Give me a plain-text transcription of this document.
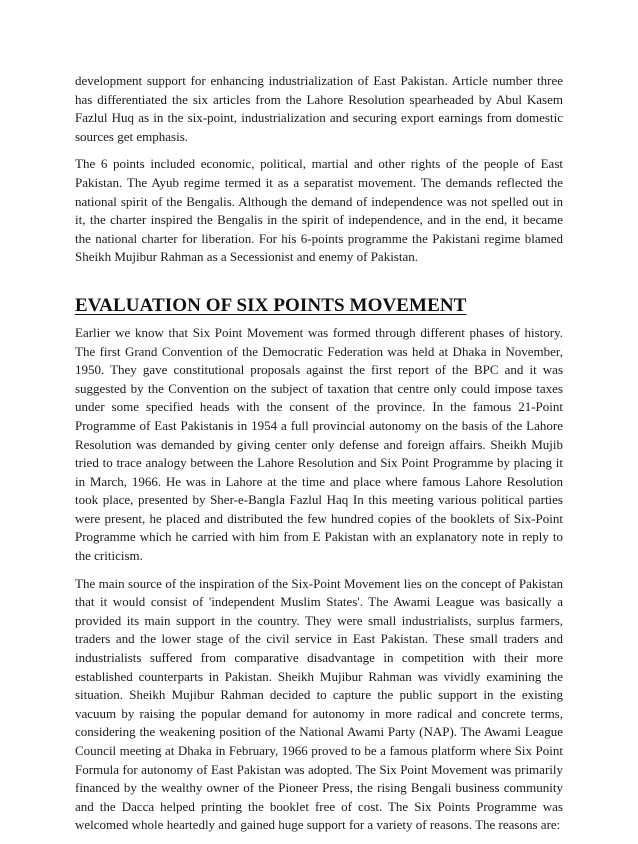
development support for enhancing industrialization of East Pakistan. Article number three has differentiated the six articles from the Lahore Resolution spearheaded by Abul Kasem Fazlul Huq as in the six-point, industrialization and securing export earnings from domestic sources get emphasis.

The 6 points included economic, political, martial and other rights of the people of East Pakistan. The Ayub regime termed it as a separatist movement. The demands reflected the national spirit of the Bengalis. Although the demand of independence was not spelled out in it, the charter inspired the Bengalis in the spirit of independence, and in the end, it became the national charter for liberation. For his 6-points programme the Pakistani regime blamed Sheikh Mujibur Rahman as a Secessionist and enemy of Pakistan.

EVALUATION OF SIX POINTS MOVEMENT

Earlier we know that Six Point Movement was formed through different phases of history. The first Grand Convention of the Democratic Federation was held at Dhaka in November, 1950. They gave constitutional proposals against the first report of the BPC and it was suggested by the Convention on the subject of taxation that centre only could impose taxes under some specified heads with the consent of the province. In the famous 21-Point Programme of East Pakistanis in 1954 a full provincial autonomy on the basis of the Lahore Resolution was demanded by giving center only defense and foreign affairs. Sheikh Mujib tried to trace analogy between the Lahore Resolution and Six Point Programme by placing it in March, 1966. He was in Lahore at the time and place where famous Lahore Resolution took place, presented by Sher-e-Bangla Fazlul Haq In this meeting various political parties were present, he placed and distributed the few hundred copies of the booklets of Six-Point Programme which he carried with him from E Pakistan with an explanatory note in reply to the criticism.

The main source of the inspiration of the Six-Point Movement lies on the concept of Pakistan that it would consist of 'independent Muslim States'. The Awami League was basically a provided its main support in the country. They were small industrialists, surplus farmers, traders and the lower stage of the civil service in East Pakistan. These small traders and industrialists suffered from comparative disadvantage in competition with their more established counterparts in Pakistan. Sheikh Mujibur Rahman was vividly examining the situation. Sheikh Mujibur Rahman decided to capture the public support in the existing vacuum by raising the popular demand for autonomy in more radical and concrete terms, considering the weakening position of the National Awami Party (NAP). The Awami League Council meeting at Dhaka in February, 1966 proved to be a famous platform where Six Point Formula for autonomy of East Pakistan was adopted. The Six Point Movement was primarily financed by the wealthy owner of the Pioneer Press, the rising Bengali business community and the Dacca helped printing the booklet free of cost. The Six Points Programme was welcomed whole heartedly and gained huge support for a variety of reasons. The reasons are:
